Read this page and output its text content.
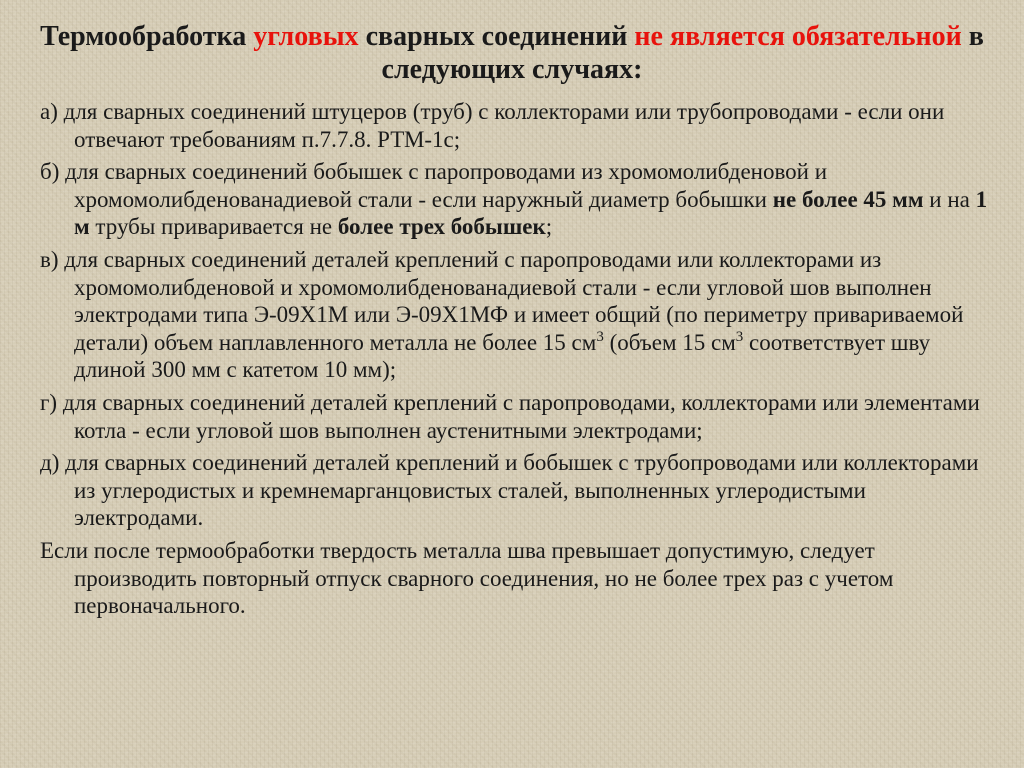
Термообработка угловых сварных соединений не является обязательной в следующих случаях:

а) для сварных соединений штуцеров (труб) с коллекторами или трубопроводами - если они отвечают требованиям п.7.7.8. РТМ-1с;

б) для сварных соединений бобышек с паропроводами из хромомолибденовой и хромомолибденованадиевой стали - если наружный диаметр бобышки не более 45 мм и на 1 м трубы приваривается не более трех бобышек;

в) для сварных соединений деталей креплений с паропроводами или коллекторами из хромомолибденовой и хромомолибденованадиевой стали - если угловой шов выполнен электродами типа Э-09Х1М или Э-09Х1МФ и имеет общий (по периметру привариваемой детали) объем наплавленного металла не более 15 $см^3$ (объем 15 $см^3$ соответствует шву длиной 300 мм с катетом 10 мм);

г) для сварных соединений деталей креплений с паропроводами, коллекторами или элементами котла - если угловой шов выполнен аустенитными электродами;

д) для сварных соединений деталей креплений и бобышек с трубопроводами или коллекторами из углеродистых и кремнемарганцовистых сталей, выполненных углеродистыми электродами.

Если после термообработки твердость металла шва превышает допустимую, следует производить повторный отпуск сварного соединения, но не более трех раз с учетом первоначального.
